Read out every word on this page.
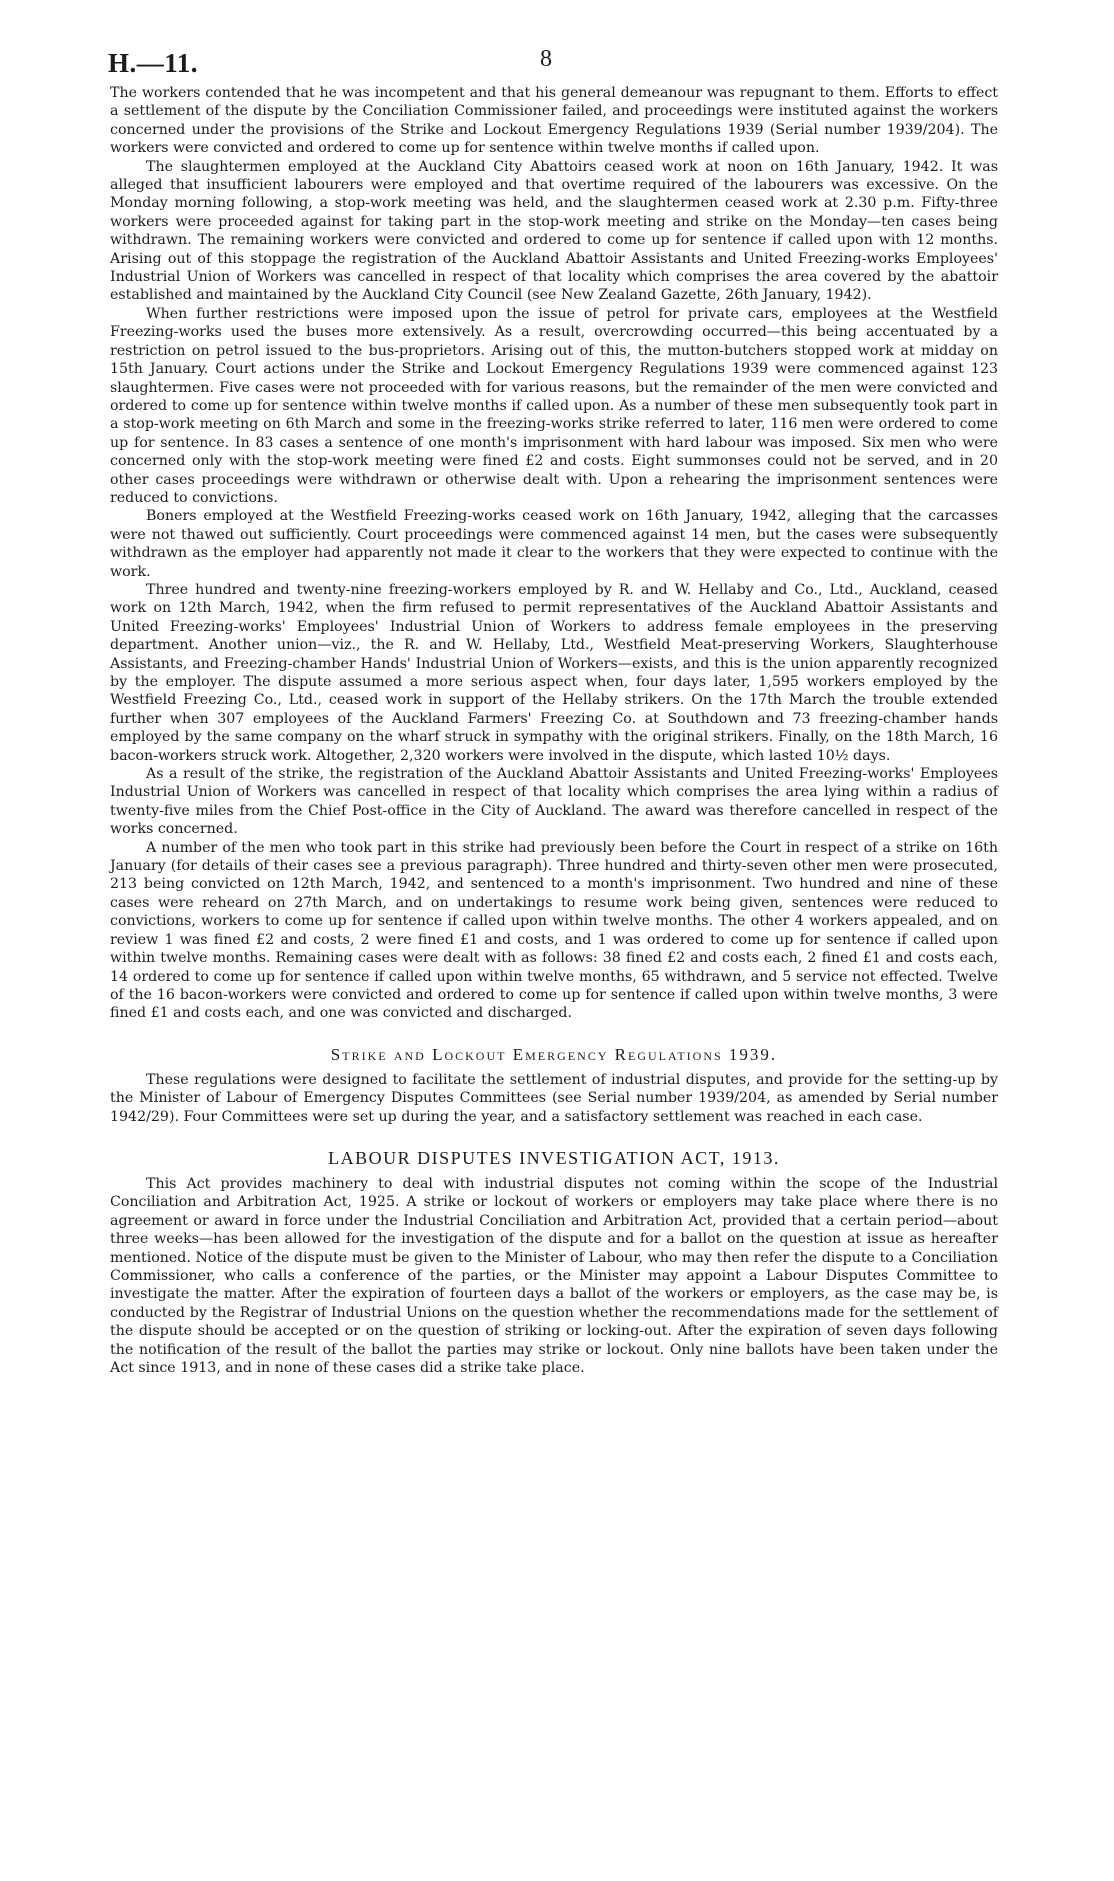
H.—11.	8

The workers contended that he was incompetent and that his general demeanour was repugnant to them. Efforts to effect a settlement of the dispute by the Conciliation Commissioner failed, and proceedings were instituted against the workers concerned under the provisions of the Strike and Lockout Emergency Regulations 1939 (Serial number 1939/204). The workers were convicted and ordered to come up for sentence within twelve months if called upon.

The slaughtermen employed at the Auckland City Abattoirs ceased work at noon on 16th January, 1942. It was alleged that insufficient labourers were employed and that overtime required of the labourers was excessive. On the Monday morning following, a stop-work meeting was held, and the slaughtermen ceased work at 2.30 p.m. Fifty-three workers were proceeded against for taking part in the stop-work meeting and strike on the Monday—ten cases being withdrawn. The remaining workers were convicted and ordered to come up for sentence if called upon with 12 months. Arising out of this stoppage the registration of the Auckland Abattoir Assistants and United Freezing-works Employees' Industrial Union of Workers was cancelled in respect of that locality which comprises the area covered by the abattoir established and maintained by the Auckland City Council (see New Zealand Gazette, 26th January, 1942).

When further restrictions were imposed upon the issue of petrol for private cars, employees at the Westfield Freezing-works used the buses more extensively. As a result, overcrowding occurred—this being accentuated by a restriction on petrol issued to the bus-proprietors. Arising out of this, the mutton-butchers stopped work at midday on 15th January. Court actions under the Strike and Lockout Emergency Regulations 1939 were commenced against 123 slaughtermen. Five cases were not proceeded with for various reasons, but the remainder of the men were convicted and ordered to come up for sentence within twelve months if called upon. As a number of these men subsequently took part in a stop-work meeting on 6th March and some in the freezing-works strike referred to later, 116 men were ordered to come up for sentence. In 83 cases a sentence of one month's imprisonment with hard labour was imposed. Six men who were concerned only with the stop-work meeting were fined £2 and costs. Eight summonses could not be served, and in 20 other cases proceedings were withdrawn or otherwise dealt with. Upon a rehearing the imprisonment sentences were reduced to convictions.

Boners employed at the Westfield Freezing-works ceased work on 16th January, 1942, alleging that the carcasses were not thawed out sufficiently. Court proceedings were commenced against 14 men, but the cases were subsequently withdrawn as the employer had apparently not made it clear to the workers that they were expected to continue with the work.

Three hundred and twenty-nine freezing-workers employed by R. and W. Hellaby and Co., Ltd., Auckland, ceased work on 12th March, 1942, when the firm refused to permit representatives of the Auckland Abattoir Assistants and United Freezing-works' Employees' Industrial Union of Workers to address female employees in the preserving department. Another union—viz., the R. and W. Hellaby, Ltd., Westfield Meat-preserving Workers, Slaughterhouse Assistants, and Freezing-chamber Hands' Industrial Union of Workers—exists, and this is the union apparently recognized by the employer. The dispute assumed a more serious aspect when, four days later, 1,595 workers employed by the Westfield Freezing Co., Ltd., ceased work in support of the Hellaby strikers. On the 17th March the trouble extended further when 307 employees of the Auckland Farmers' Freezing Co. at Southdown and 73 freezing-chamber hands employed by the same company on the wharf struck in sympathy with the original strikers. Finally, on the 18th March, 16 bacon-workers struck work. Altogether, 2,320 workers were involved in the dispute, which lasted 10½ days.

As a result of the strike, the registration of the Auckland Abattoir Assistants and United Freezing-works' Employees Industrial Union of Workers was cancelled in respect of that locality which comprises the area lying within a radius of twenty-five miles from the Chief Post-office in the City of Auckland. The award was therefore cancelled in respect of the works concerned.

A number of the men who took part in this strike had previously been before the Court in respect of a strike on 16th January (for details of their cases see a previous paragraph). Three hundred and thirty-seven other men were prosecuted, 213 being convicted on 12th March, 1942, and sentenced to a month's imprisonment. Two hundred and nine of these cases were reheard on 27th March, and on undertakings to resume work being given, sentences were reduced to convictions, workers to come up for sentence if called upon within twelve months. The other 4 workers appealed, and on review 1 was fined £2 and costs, 2 were fined £1 and costs, and 1 was ordered to come up for sentence if called upon within twelve months. Remaining cases were dealt with as follows: 38 fined £2 and costs each, 2 fined £1 and costs each, 14 ordered to come up for sentence if called upon within twelve months, 65 withdrawn, and 5 service not effected. Twelve of the 16 bacon-workers were convicted and ordered to come up for sentence if called upon within twelve months, 3 were fined £1 and costs each, and one was convicted and discharged.

Strike and Lockout Emergency Regulations 1939.

These regulations were designed to facilitate the settlement of industrial disputes, and provide for the setting-up by the Minister of Labour of Emergency Disputes Committees (see Serial number 1939/204, as amended by Serial number 1942/29). Four Committees were set up during the year, and a satisfactory settlement was reached in each case.

LABOUR DISPUTES INVESTIGATION ACT, 1913.

This Act provides machinery to deal with industrial disputes not coming within the scope of the Industrial Conciliation and Arbitration Act, 1925. A strike or lockout of workers or employers may take place where there is no agreement or award in force under the Industrial Conciliation and Arbitration Act, provided that a certain period—about three weeks—has been allowed for the investigation of the dispute and for a ballot on the question at issue as hereafter mentioned. Notice of the dispute must be given to the Minister of Labour, who may then refer the dispute to a Conciliation Commissioner, who calls a conference of the parties, or the Minister may appoint a Labour Disputes Committee to investigate the matter. After the expiration of fourteen days a ballot of the workers or employers, as the case may be, is conducted by the Registrar of Industrial Unions on the question whether the recommendations made for the settlement of the dispute should be accepted or on the question of striking or locking-out. After the expiration of seven days following the notification of the result of the ballot the parties may strike or lockout. Only nine ballots have been taken under the Act since 1913, and in none of these cases did a strike take place.
